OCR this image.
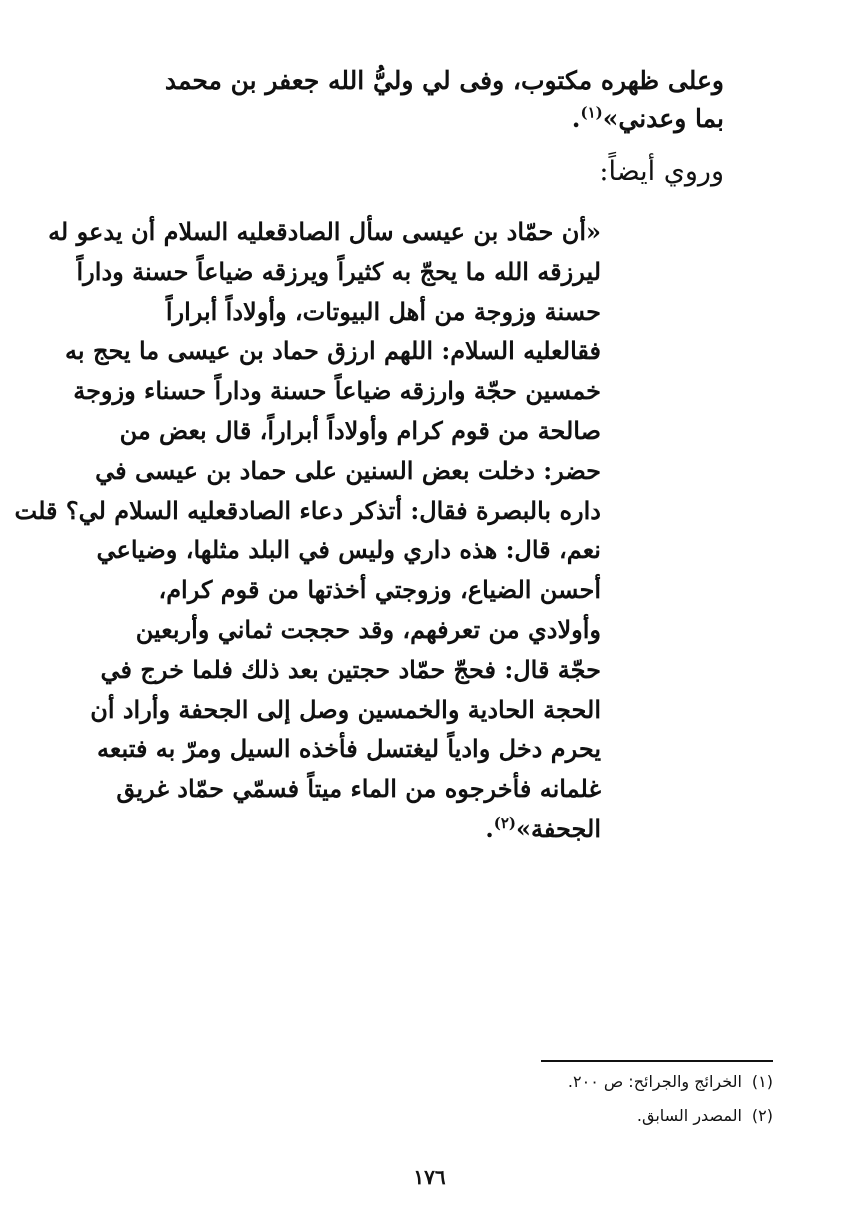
وعلى ظهره مكتوب، وفى لي وليُّ الله جعفر بن محمد
بما وعدني»$^{(١)}$.
وروي أيضاً:
«أن حمّاد بن عيسى سأل الصادقعليه السلام أن يدعو له
ليرزقه الله ما يحجّ به كثيراً ويرزقه ضياعاً حسنة وداراً
حسنة وزوجة من أهل البيوتات، وأولاداً أبراراً
فقالعليه السلام: اللهم ارزق حماد بن عيسى ما يحج به
خمسين حجّة وارزقه ضياعاً حسنة وداراً حسناء وزوجة
صالحة من قوم كرام وأولاداً أبراراً، قال بعض من
حضر: دخلت بعض السنين على حماد بن عيسى في
داره بالبصرة فقال: أتذكر دعاء الصادقعليه السلام لي؟ قلت
نعم، قال: هذه داري وليس في البلد مثلها، وضياعي
أحسن الضياع، وزوجتي أخذتها من قوم كرام،
وأولادي من تعرفهم، وقد حججت ثماني وأربعين
حجّة قال: فحجّ حمّاد حجتين بعد ذلك فلما خرج في
الحجة الحادية والخمسين وصل إلى الجحفة وأراد أن
يحرم دخل وادياً ليغتسل فأخذه السيل ومرّ به فتبعه
غلمانه فأخرجوه من الماء ميتاً فسمّي حمّاد غريق
الجحفة»$^{(٢)}$.
(١)
الخرائج والجرائح: ص ٢٠٠.
(٢)
المصدر السابق.
١٧٦
